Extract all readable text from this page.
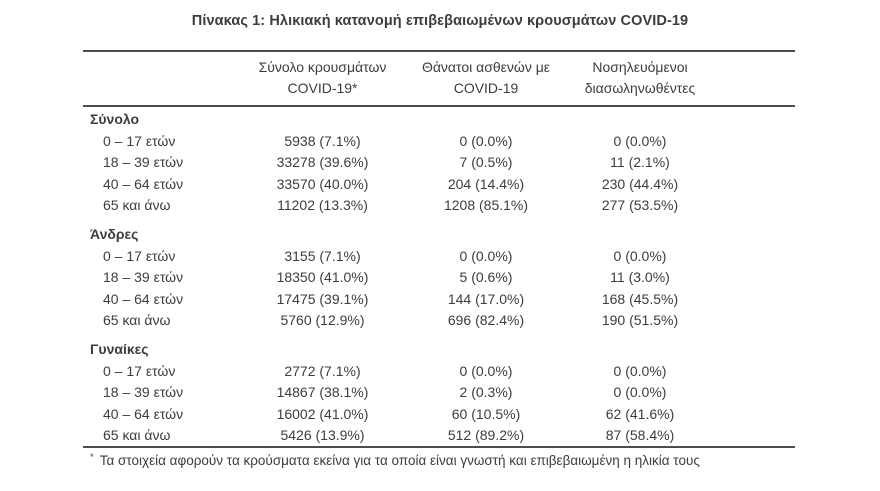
Πίνακας 1: Ηλικιακή κατανομή επιβεβαιωμένων κρουσμάτων COVID-19
Σύνολο κρουσμάτων
COVID-19*
Θάνατοι ασθενών με
COVID-19
Νοσηλευόμενοι
διασωληνωθέντες
Σύνολο
0 – 17 ετών	5938 (7.1%)	0 (0.0%)	0 (0.0%)
18 – 39 ετών	33278 (39.6%)	7 (0.5%)	11 (2.1%)
40 – 64 ετών	33570 (40.0%)	204 (14.4%)	230 (44.4%)
65 και άνω	11202 (13.3%)	1208 (85.1%)	277 (53.5%)
Άνδρες
0 – 17 ετών	3155 (7.1%)	0 (0.0%)	0 (0.0%)
18 – 39 ετών	18350 (41.0%)	5 (0.6%)	11 (3.0%)
40 – 64 ετών	17475 (39.1%)	144 (17.0%)	168 (45.5%)
65 και άνω	5760 (12.9%)	696 (82.4%)	190 (51.5%)
Γυναίκες
0 – 17 ετών	2772 (7.1%)	0 (0.0%)	0 (0.0%)
18 – 39 ετών	14867 (38.1%)	2 (0.3%)	0 (0.0%)
40 – 64 ετών	16002 (41.0%)	60 (10.5%)	62 (41.6%)
65 και άνω	5426 (13.9%)	512 (89.2%)	87 (58.4%)
* Τα στοιχεία αφορούν τα κρούσματα εκείνα για τα οποία είναι γνωστή και επιβεβαιωμένη η ηλικία τους
